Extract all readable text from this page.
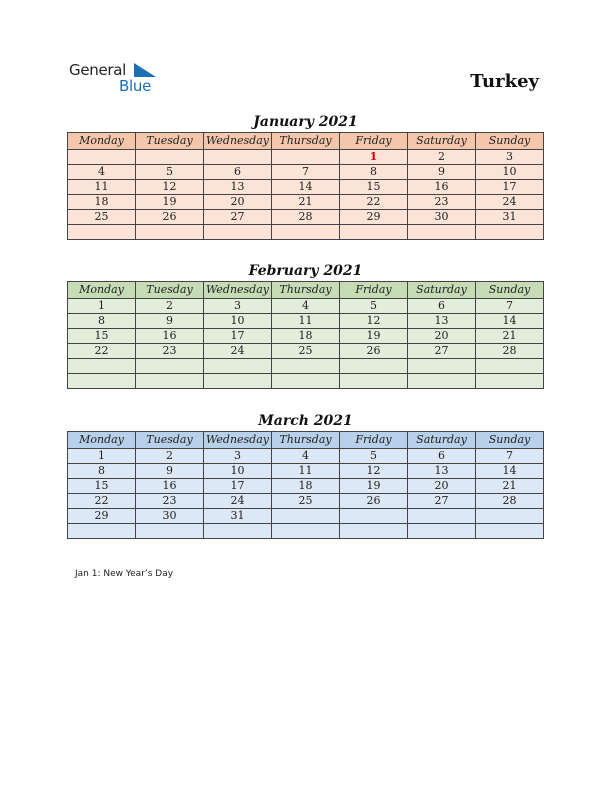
General
Blue	Turkey
January 2021
Monday	Tuesday	Wednesday	Thursday	Friday	Saturday	Sunday
				1	2	3
4	5	6	7	8	9	10
11	12	13	14	15	16	17
18	19	20	21	22	23	24
25	26	27	28	29	30	31

February 2021
Monday	Tuesday	Wednesday	Thursday	Friday	Saturday	Sunday
1	2	3	4	5	6	7
8	9	10	11	12	13	14
15	16	17	18	19	20	21
22	23	24	25	26	27	28

March 2021
Monday	Tuesday	Wednesday	Thursday	Friday	Saturday	Sunday
1	2	3	4	5	6	7
8	9	10	11	12	13	14
15	16	17	18	19	20	21
22	23	24	25	26	27	28
29	30	31				

Jan 1: New Year’s Day
